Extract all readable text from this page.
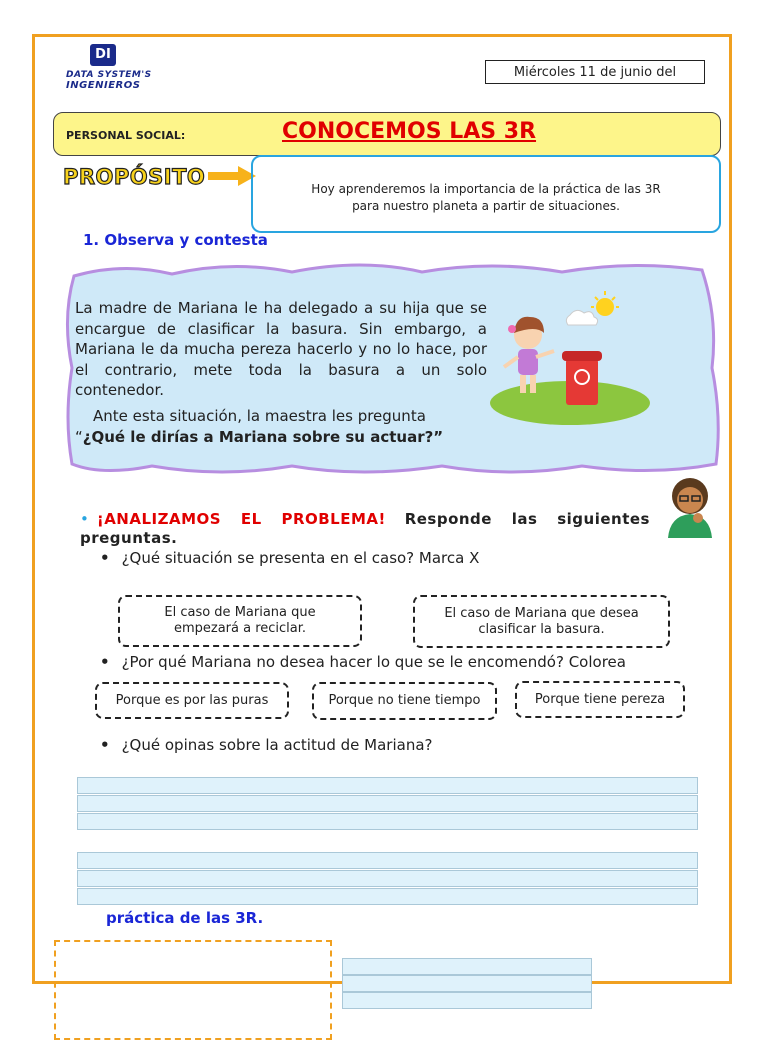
DI
DATA SYSTEM'S
INGENIEROS
Miércoles 11 de junio del
PERSONAL SOCIAL:	CONOCEMOS LAS 3R
PROPÓSITO	Hoy aprenderemos la importancia de la práctica de las 3R
para nuestro planeta a partir de situaciones.
1. Observa y contesta

La madre de Mariana le ha delegado a su hija que se encargue de clasificar la basura. Sin embargo, a Mariana le da mucha pereza hacerlo y no lo hace, por el contrario, mete toda la basura a un solo contenedor.

Ante esta situación, la maestra les pregunta
“¿Qué le dirías a Mariana sobre su actuar?”
• ¡ANALIZAMOS EL PROBLEMA! Responde las siguientes preguntas.
• ¿Qué situación se presenta en el caso? Marca X
El caso de Mariana que empezará a reciclar.
El caso de Mariana que desea clasificar la basura.
• ¿Por qué Mariana no desea hacer lo que se le encomendó? Colorea
Porque es por las puras	Porque no tiene tiempo	Porque tiene pereza
• ¿Qué opinas sobre la actitud de Mariana?
práctica de las 3R.
